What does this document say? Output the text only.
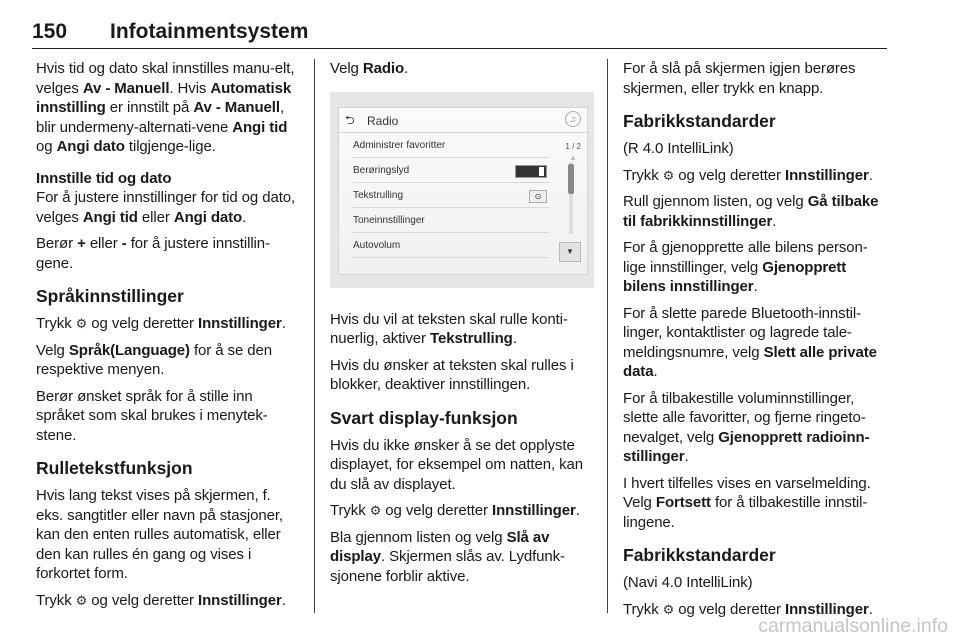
150 Infotainmentsystem

Hvis tid og dato skal innstilles manu-elt, velges Av - Manuell. Hvis Automatisk innstilling er innstilt på Av - Manuell, blir undermeny-alternati-vene Angi tid og Angi dato tilgjenge-lige.

Innstille tid og dato
For å justere innstillinger for tid og dato, velges Angi tid eller Angi dato.

Berør + eller - for å justere innstillin-gene.

Språkinnstillinger

Trykk ⚙ og velg deretter Innstillinger.

Velg Språk(Language) for å se den respektive menyen.

Berør ønsket språk for å stille inn språket som skal brukes i menytek-stene.

Rulletekstfunksjon

Hvis lang tekst vises på skjermen, f. eks. sangtitler eller navn på stasjoner, kan den enten rulles automatisk, eller den kan rulles én gang og vises i forkortet form.

Trykk ⚙ og velg deretter Innstillinger.

Velg Radio.

⮌ Radio	♫
Administrer favoritter
Berøringslyd
Tekstrulling	⊙
Toneinnstillinger
Autovolum
1 / 2
▲
▼

Hvis du vil at teksten skal rulle konti-nuerlig, aktiver Tekstrulling.

Hvis du ønsker at teksten skal rulles i blokker, deaktiver innstillingen.

Svart display-funksjon

Hvis du ikke ønsker å se det opplyste displayet, for eksempel om natten, kan du slå av displayet.

Trykk ⚙ og velg deretter Innstillinger.

Bla gjennom listen og velg Slå av display. Skjermen slås av. Lydfunk-sjonene forblir aktive.

For å slå på skjermen igjen berøres skjermen, eller trykk en knapp.

Fabrikkstandarder

(R 4.0 IntelliLink)

Trykk ⚙ og velg deretter Innstillinger.

Rull gjennom listen, og velg Gå tilbake til fabrikkinnstillinger.

For å gjenopprette alle bilens person-lige innstillinger, velg Gjenopprett bilens innstillinger.

For å slette parede Bluetooth-innstil-linger, kontaktlister og lagrede tale-meldingsnumre, velg Slett alle private data.

For å tilbakestille voluminnstillinger, slette alle favoritter, og fjerne ringeto-nevalget, velg Gjenopprett radioinn-stillinger.

I hvert tilfelles vises en varselmelding. Velg Fortsett for å tilbakestille innstil-lingene.

Fabrikkstandarder

(Navi 4.0 IntelliLink)

Trykk ⚙ og velg deretter Innstillinger.

carmanualsonline.info
